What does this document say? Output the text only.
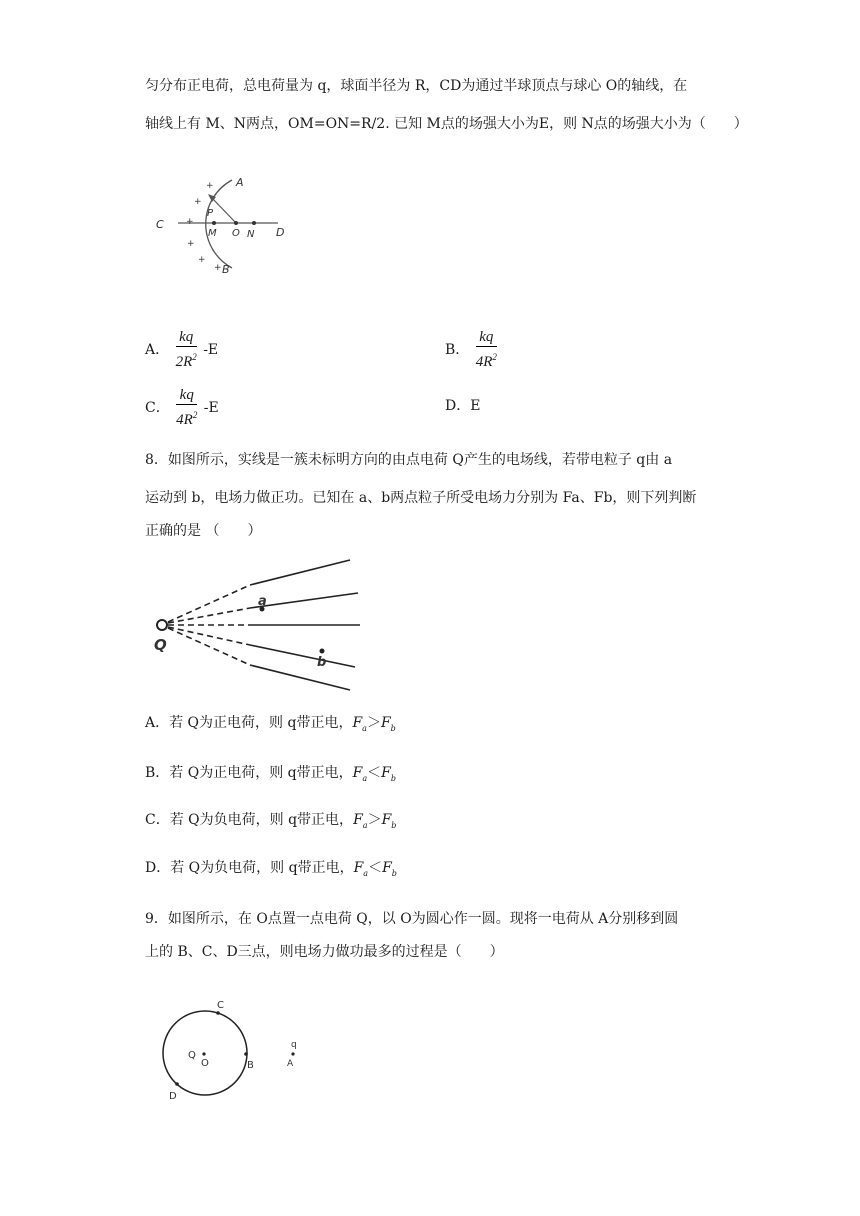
匀分布正电荷，总电荷量为 q，球面半径为 R，CD为通过半球顶点与球心 O的轴线，在
轴线上有 M、N两点，OM=ON=R/2. 已知 M点的场强大小为E，则 N点的场强大小为（　　）
+
+
+
+
+
+
A
B
C
D
P
M O N
A． $\frac{kq}{2R^2} -E$	B． $\frac{kq}{4R^2}$
C． $\frac{kq}{4R^2} -E$	D．E
8．如图所示，实线是一簇未标明方向的由点电荷 Q产生的电场线，若带电粒子 q由 a
运动到 b，电场力做正功。已知在 a、b两点粒子所受电场力分别为 Fa、Fb，则下列判断
正确的是 （　　）
Q
a
b
A．若 Q为正电荷，则 q带正电，$F_a>F_b$
B．若 Q为正电荷，则 q带正电，$F_a<F_b$
C．若 Q为负电荷，则 q带正电，$F_a>F_b$
D．若 Q为负电荷，则 q带正电，$F_a<F_b$
9．如图所示，在 O点置一点电荷 Q，以 O为圆心作一圆。现将一电荷从 A分别移到圆
上的 B、C、D三点，则电场力做功最多的过程是（　　）
C
Q
O	B
D
q
A
